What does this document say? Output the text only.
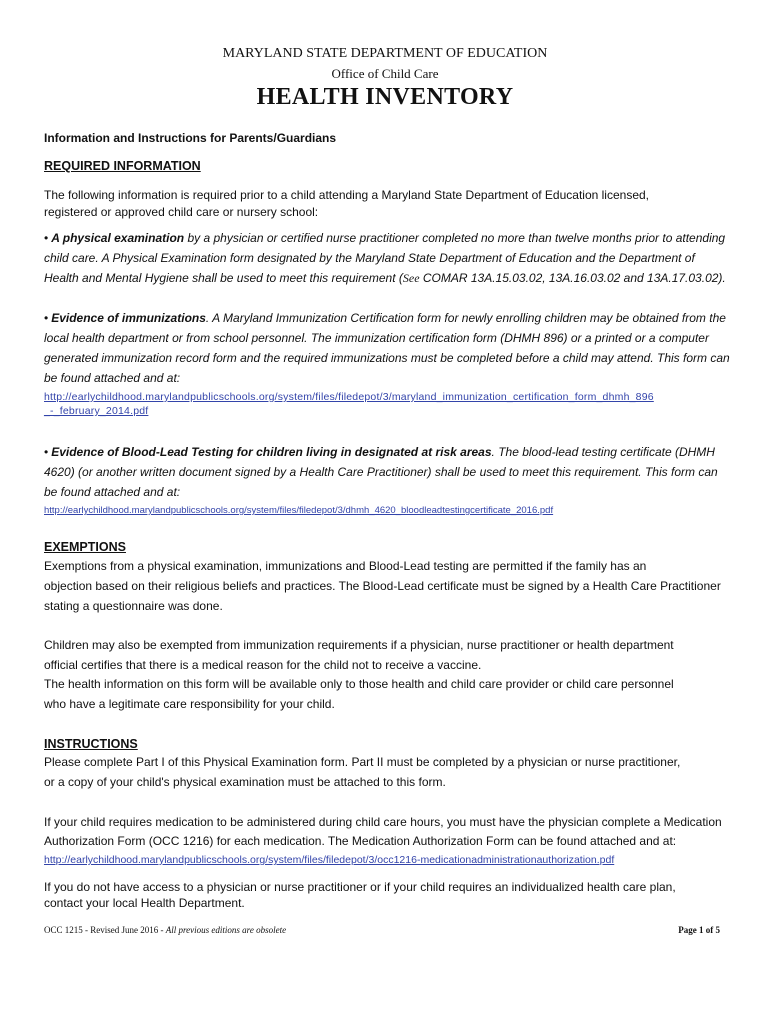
MARYLAND STATE DEPARTMENT OF EDUCATION
Office of Child Care
HEALTH INVENTORY
Information and Instructions for Parents/Guardians
REQUIRED INFORMATION
The following information is required prior to a child attending a Maryland State Department of Education licensed,
registered or approved child care or nursery school:
• A physical examination by a physician or certified nurse practitioner completed no more than twelve months prior to attending
child care. A Physical Examination form designated by the Maryland State Department of Education and the Department of
Health and Mental Hygiene shall be used to meet this requirement (See COMAR 13A.15.03.02, 13A.16.03.02 and 13A.17.03.02).
• Evidence of immunizations. A Maryland Immunization Certification form for newly enrolling children may be obtained from the
local health department or from school personnel. The immunization certification form (DHMH 896) or a printed or a computer
generated immunization record form and the required immunizations must be completed before a child may attend. This form can
be found attached and at:
http://earlychildhood.marylandpublicschools.org/system/files/filedepot/3/maryland_immunization_certification_form_dhmh_896
_-_february_2014.pdf
• Evidence of Blood-Lead Testing for children living in designated at risk areas. The blood-lead testing certificate (DHMH
4620) (or another written document signed by a Health Care Practitioner) shall be used to meet this requirement. This form can
be found attached and at:
http://earlychildhood.marylandpublicschools.org/system/files/filedepot/3/dhmh_4620_bloodleadtestingcertificate_2016.pdf
EXEMPTIONS
Exemptions from a physical examination, immunizations and Blood-Lead testing are permitted if the family has an
objection based on their religious beliefs and practices. The Blood-Lead certificate must be signed by a Health Care Practitioner
stating a questionnaire was done.
Children may also be exempted from immunization requirements if a physician, nurse practitioner or health department
official certifies that there is a medical reason for the child not to receive a vaccine.
The health information on this form will be available only to those health and child care provider or child care personnel
who have a legitimate care responsibility for your child.
INSTRUCTIONS
Please complete Part I of this Physical Examination form. Part II must be completed by a physician or nurse practitioner,
or a copy of your child's physical examination must be attached to this form.
If your child requires medication to be administered during child care hours, you must have the physician complete a Medication
Authorization Form (OCC 1216) for each medication. The Medication Authorization Form can be found attached and at:
http://earlychildhood.marylandpublicschools.org/system/files/filedepot/3/occ1216-medicationadministrationauthorization.pdf
If you do not have access to a physician or nurse practitioner or if your child requires an individualized health care plan,
contact your local Health Department.
OCC 1215 - Revised June 2016 - All previous editions are obsolete	Page 1 of 5
